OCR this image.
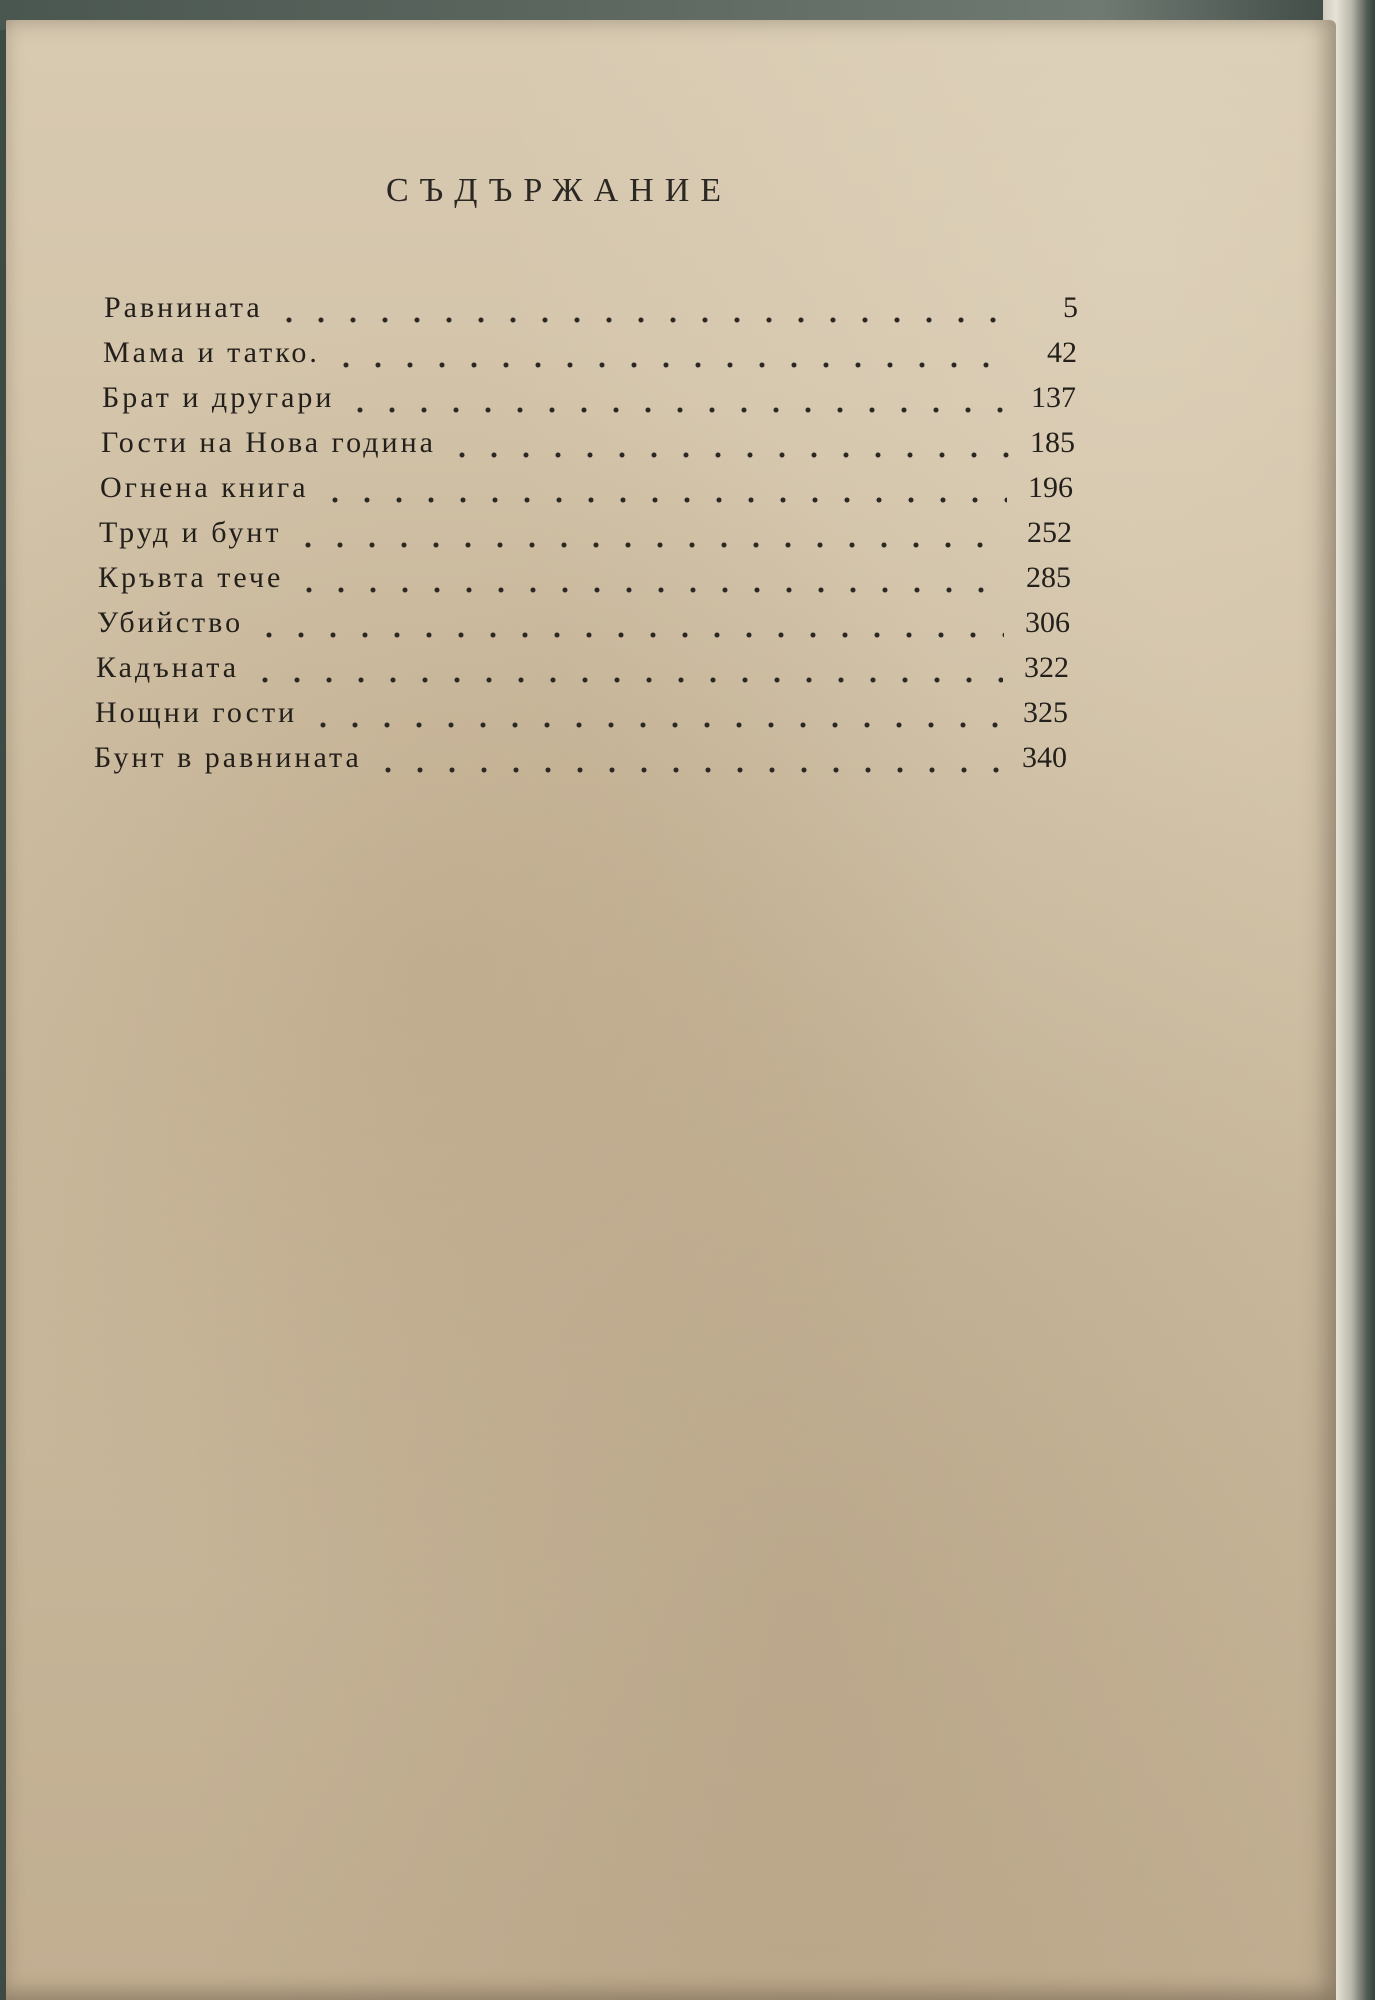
СЪДЪРЖАНИЕ
Равнината	5
Мама и татко.	42
Брат и другари	137
Гости на Нова година	185
Огнена книга	196
Труд и бунт	252
Кръвта тече	285
Убийство	306
Кадъната	322
Нощни гости	325
Бунт в равнината	340
